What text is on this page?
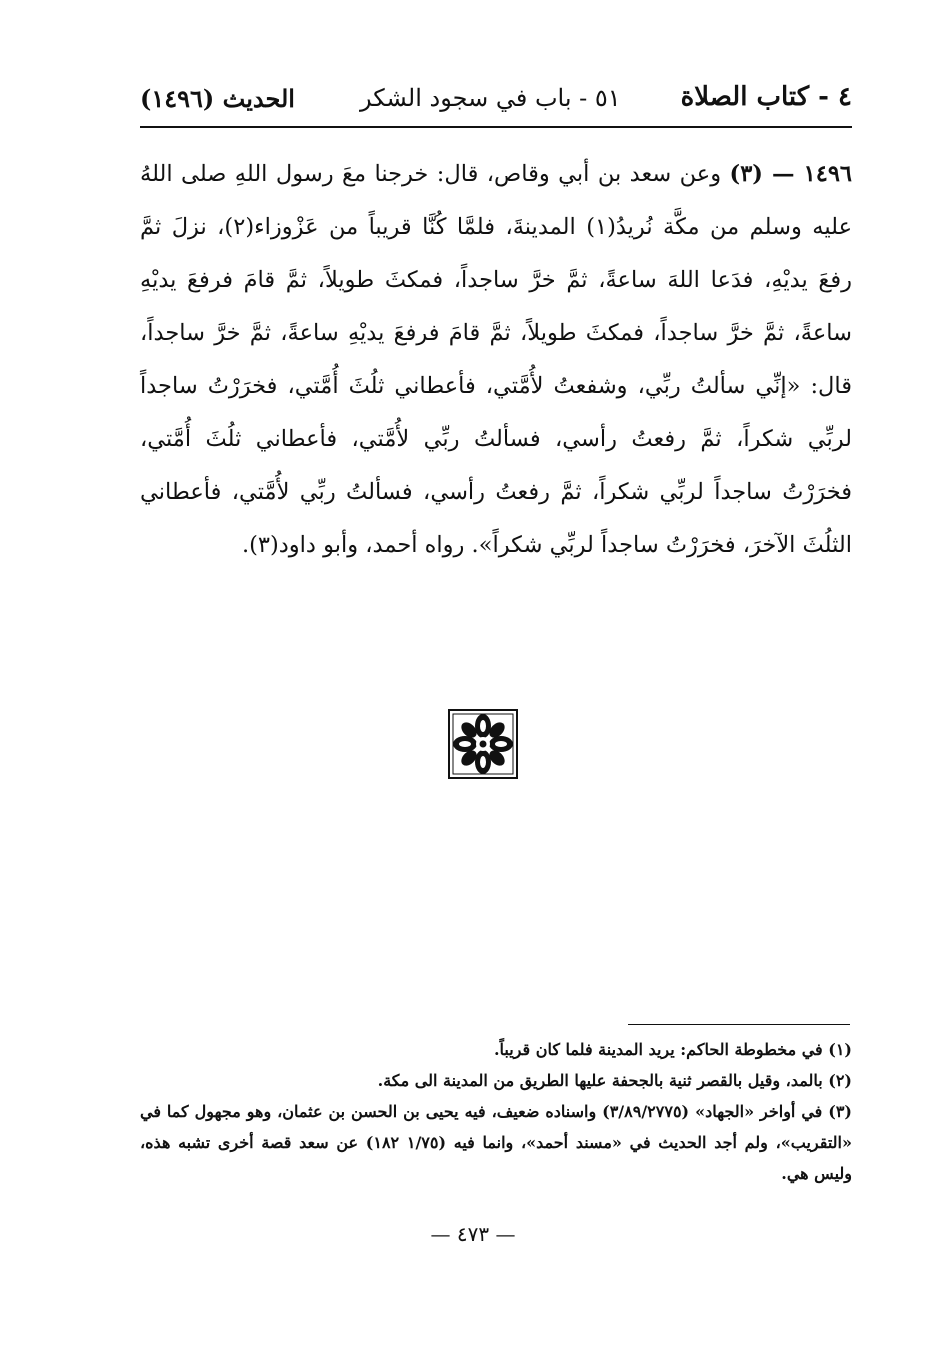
٤ - كتاب الصلاة
٥١ - باب في سجود الشكر
الحديث (١٤٩٦)
١٤٩٦ — (٣) وعن سعد بن أبي وقاص، قال: خرجنا معَ رسول اللهِ صلى اللهُ عليه وسلم من مكَّة نُريدُ(١) المدينةَ، فلمَّا كُنَّا قريباً من عَزْوزاء(٢)، نزلَ ثمَّ رفعَ يديْهِ، فدَعا اللهَ ساعةً، ثمَّ خرَّ ساجداً، فمكثَ طويلاً، ثمَّ قامَ فرفعَ يديْهِ ساعةً، ثمَّ خرَّ ساجداً، فمكثَ طويلاً، ثمَّ قامَ فرفعَ يديْهِ ساعةً، ثمَّ خرَّ ساجداً، قال: «إنِّي سألتُ ربِّي، وشفعتُ لأُمَّتي، فأعطاني ثلُثَ أُمَّتي، فخرَرْتُ ساجداً لربِّي شكراً، ثمَّ رفعتُ رأسي، فسألتُ ربِّي لأُمَّتي، فأعطاني ثلُثَ أُمَّتي، فخرَرْتُ ساجداً لربِّي شكراً، ثمَّ رفعتُ رأسي، فسألتُ ربِّي لأُمَّتي، فأعطاني الثلُثَ الآخرَ، فخرَرْتُ ساجداً لربِّي شكراً». رواه أحمد، وأبو داود(٣).

(١) في مخطوطة الحاكم: يريد المدينة فلما كان قريباً.

(٢) بالمد، وقيل بالقصر ثنية بالجحفة عليها الطريق من المدينة الى مكة.

(٣) في أواخر «الجهاد» (٣/٨٩/٢٧٧٥) واسناده ضعيف، فيه يحيى بن الحسن بن عثمان، وهو مجهول كما في «التقريب»، ولم أجد الحديث في «مسند أحمد»، وانما فيه (١/٧٥ ١٨٢) عن سعد قصة أخرى تشبه هذه، وليس هي.

— ٤٧٣ —
